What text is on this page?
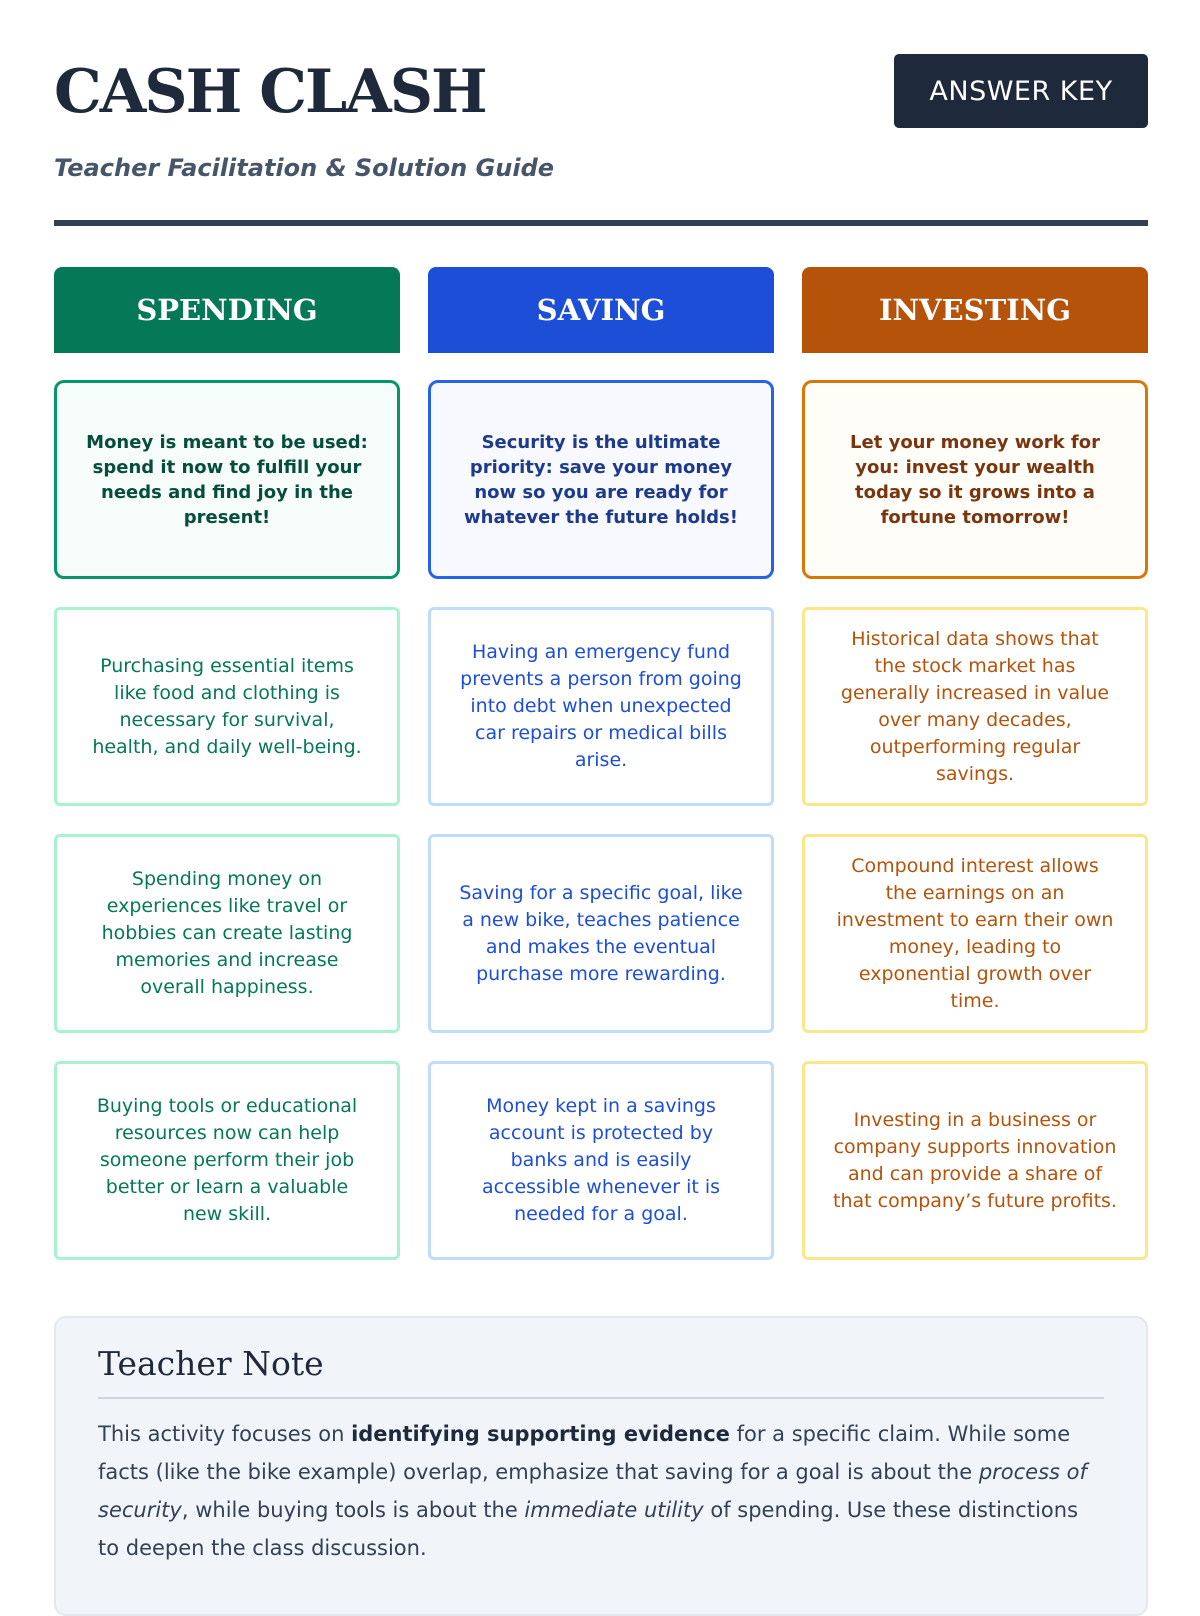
CASH CLASH	ANSWER KEY
Teacher Facilitation & Solution Guide
SPENDING
Money is meant to be used: spend it now to fulfill your needs and find joy in the present!
Purchasing essential items like food and clothing is necessary for survival, health, and daily well-being.
Spending money on experiences like travel or hobbies can create lasting memories and increase overall happiness.
Buying tools or educational resources now can help someone perform their job better or learn a valuable new skill.
SAVING
Security is the ultimate priority: save your money now so you are ready for whatever the future holds!
Having an emergency fund prevents a person from going into debt when unexpected car repairs or medical bills arise.
Saving for a specific goal, like a new bike, teaches patience and makes the eventual purchase more rewarding.
Money kept in a savings account is protected by banks and is easily accessible whenever it is needed for a goal.
INVESTING
Let your money work for you: invest your wealth today so it grows into a fortune tomorrow!
Historical data shows that the stock market has generally increased in value over many decades, outperforming regular savings.
Compound interest allows the earnings on an investment to earn their own money, leading to exponential growth over time.
Investing in a business or company supports innovation and can provide a share of that company’s future profits.
Teacher Note

This activity focuses on identifying supporting evidence for a specific claim. While some facts (like the bike example) overlap, emphasize that saving for a goal is about the process of security, while buying tools is about the immediate utility of spending. Use these distinctions to deepen the class discussion.
